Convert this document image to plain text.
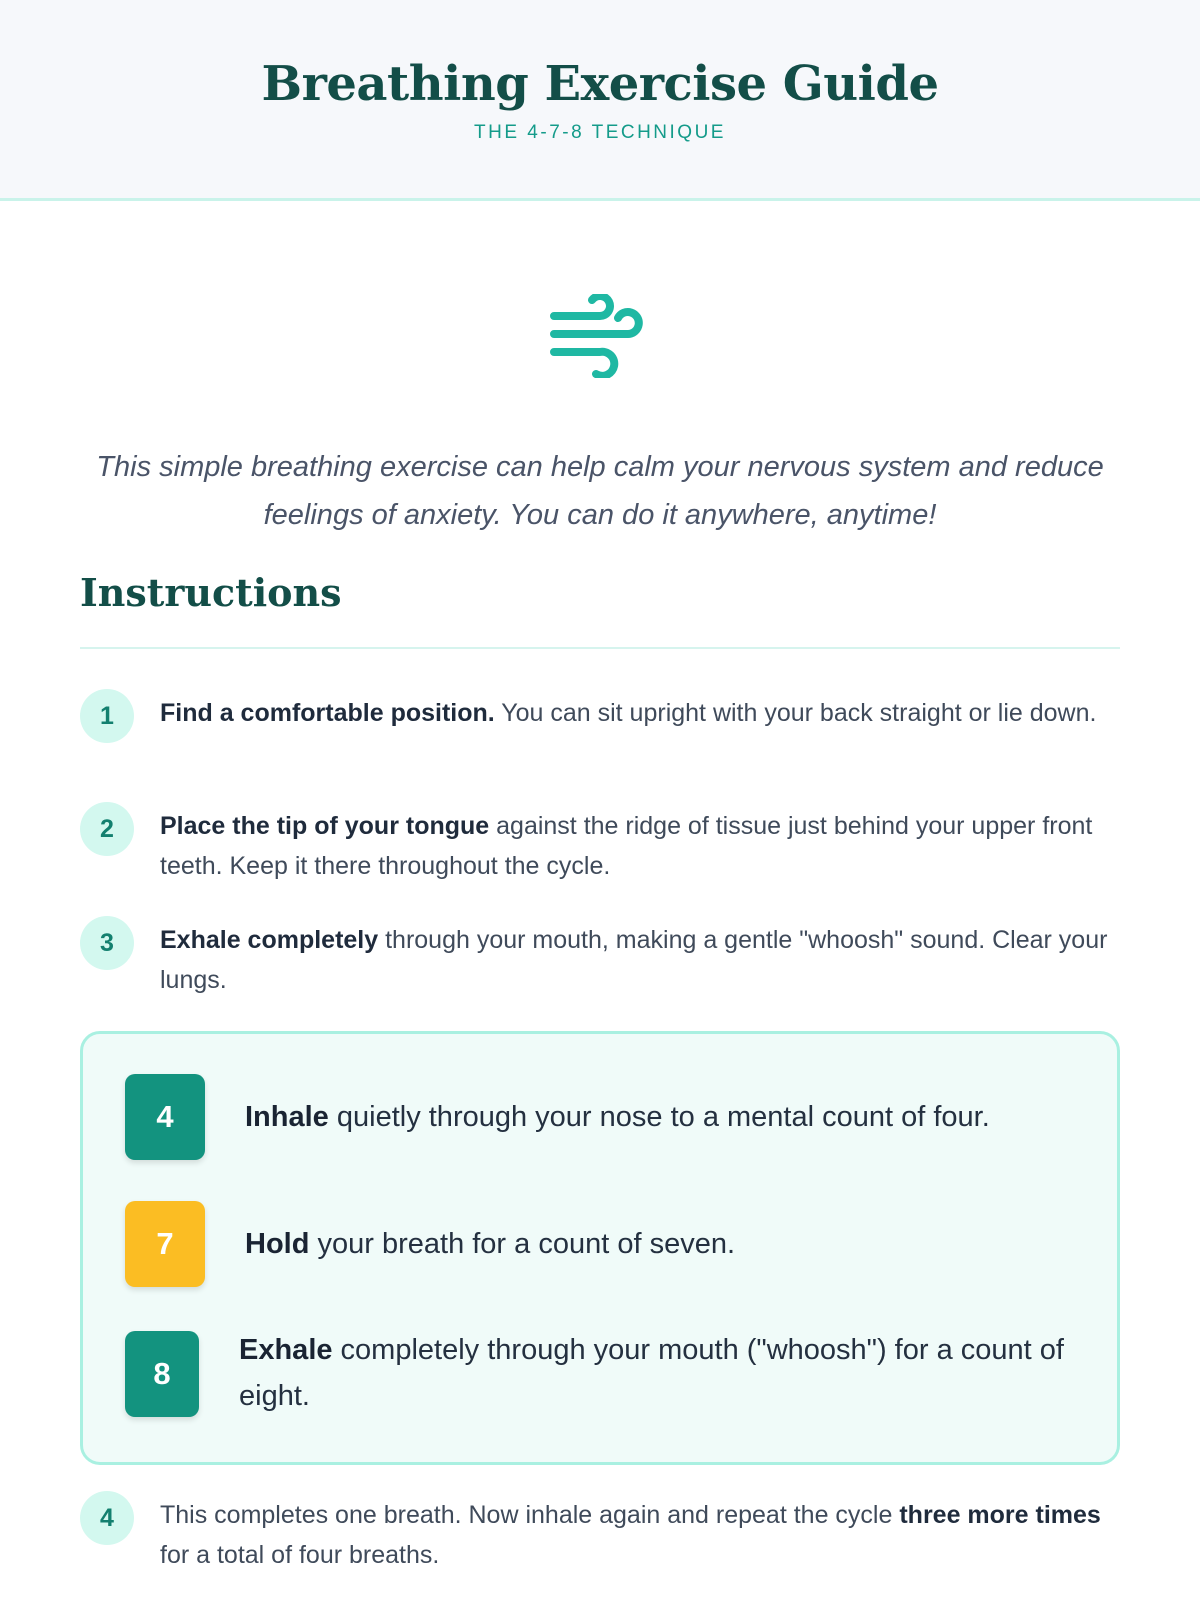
Breathing Exercise Guide
THE 4-7-8 TECHNIQUE

This simple breathing exercise can help calm your nervous system and reduce feelings of anxiety. You can do it anywhere, anytime!

Instructions
1	Find a comfortable position. You can sit upright with your back straight or lie down.
2	Place the tip of your tongue against the ridge of tissue just behind your upper front teeth. Keep it there throughout the cycle.
3	Exhale completely through your mouth, making a gentle "whoosh" sound. Clear your lungs.
4	Inhale quietly through your nose to a mental count of four.
7	Hold your breath for a count of seven.
8
Exhale completely through your mouth ("whoosh") for a count of eight.
4	This completes one breath. Now inhale again and repeat the cycle three more times for a total of four breaths.
